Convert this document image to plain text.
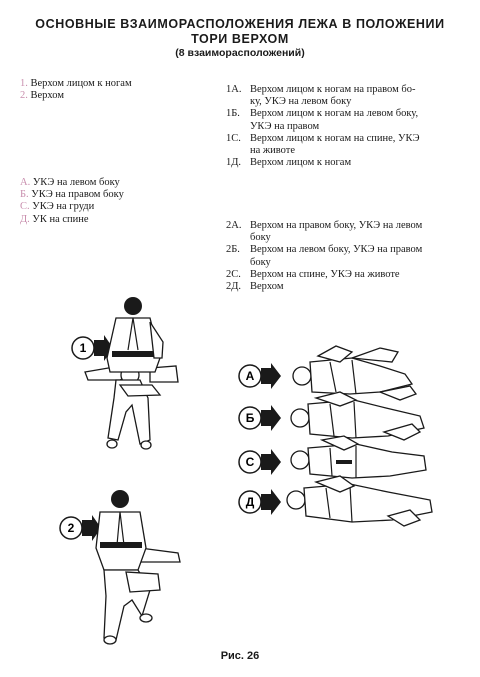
ОСНОВНЫЕ ВЗАИМОРАСПОЛОЖЕНИЯ ЛЕЖА В ПОЛОЖЕНИИ
ТОРИ ВЕРХОМ
(8 взаиморасположений)
1. Верхом лицом к ногам
2. Верхом
А. УКЭ на левом боку
Б. УКЭ на правом боку
С. УКЭ на груди
Д. УК на спине
1А. Верхом лицом к ногам на правом бо-
ку, УКЭ на левом боку
1Б. Верхом лицом к ногам на левом боку,
УКЭ на правом
1С. Верхом лицом к ногам на спине, УКЭ
на животе
1Д. Верхом лицом к ногам
2А. Верхом на правом боку, УКЭ на левом
боку
2Б. Верхом на левом боку, УКЭ на правом
боку
2С. Верхом на спине, УКЭ на животе
2Д. Верхом
1
2
А
Б
С
Д
Рис. 26
